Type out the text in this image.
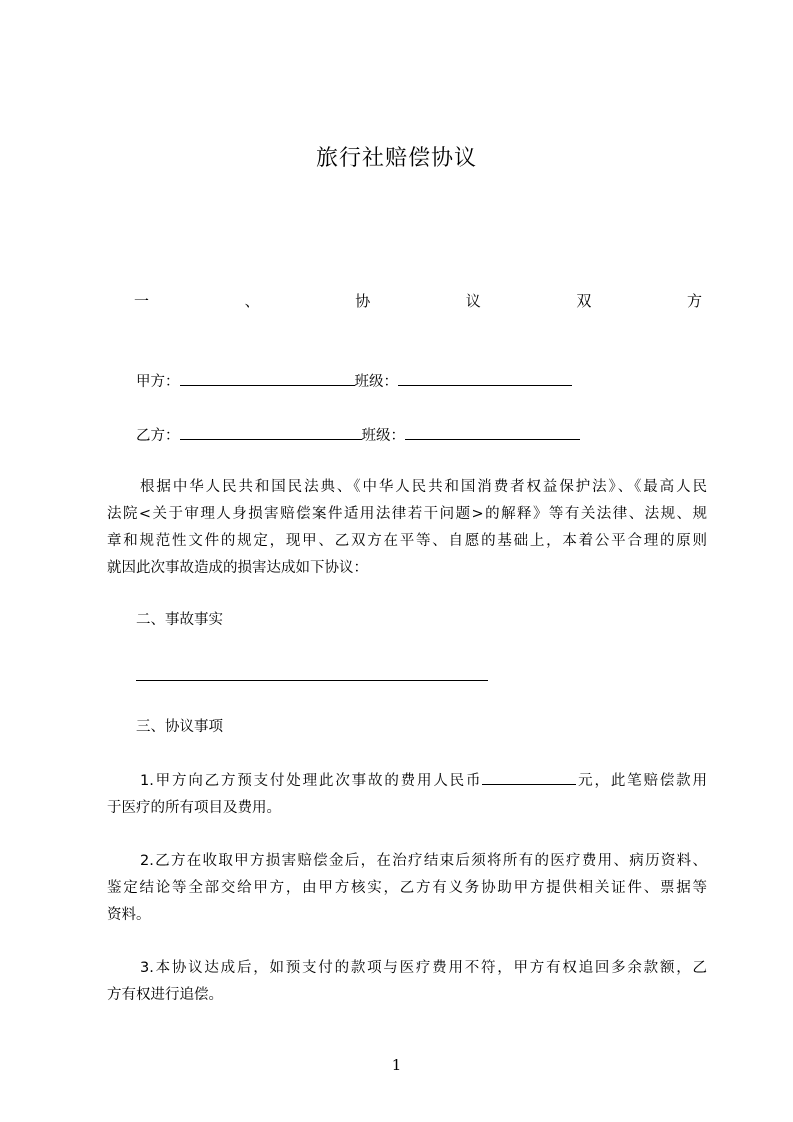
旅行社赔偿协议
一	、	协	议	双	方
甲方：	班级：
乙方：	班级：
根据中华人民共和国民法典、《中华人民共和国消费者权益保护法》、《最高人民
法院<关于审理人身损害赔偿案件适用法律若干问题>的解释》等有关法律、法规、规
章和规范性文件的规定，现甲、乙双方在平等、自愿的基础上，本着公平合理的原则
就因此次事故造成的损害达成如下协议：
二、事故事实
三、协议事项
1.甲方向乙方预支付处理此次事故的费用人民币	元，此笔赔偿款用
于医疗的所有项目及费用。
2.乙方在收取甲方损害赔偿金后，在治疗结束后须将所有的医疗费用、病历资料、
鉴定结论等全部交给甲方，由甲方核实，乙方有义务协助甲方提供相关证件、票据等
资料。
3.本协议达成后，如预支付的款项与医疗费用不符，甲方有权追回多余款额，乙
方有权进行追偿。
1
